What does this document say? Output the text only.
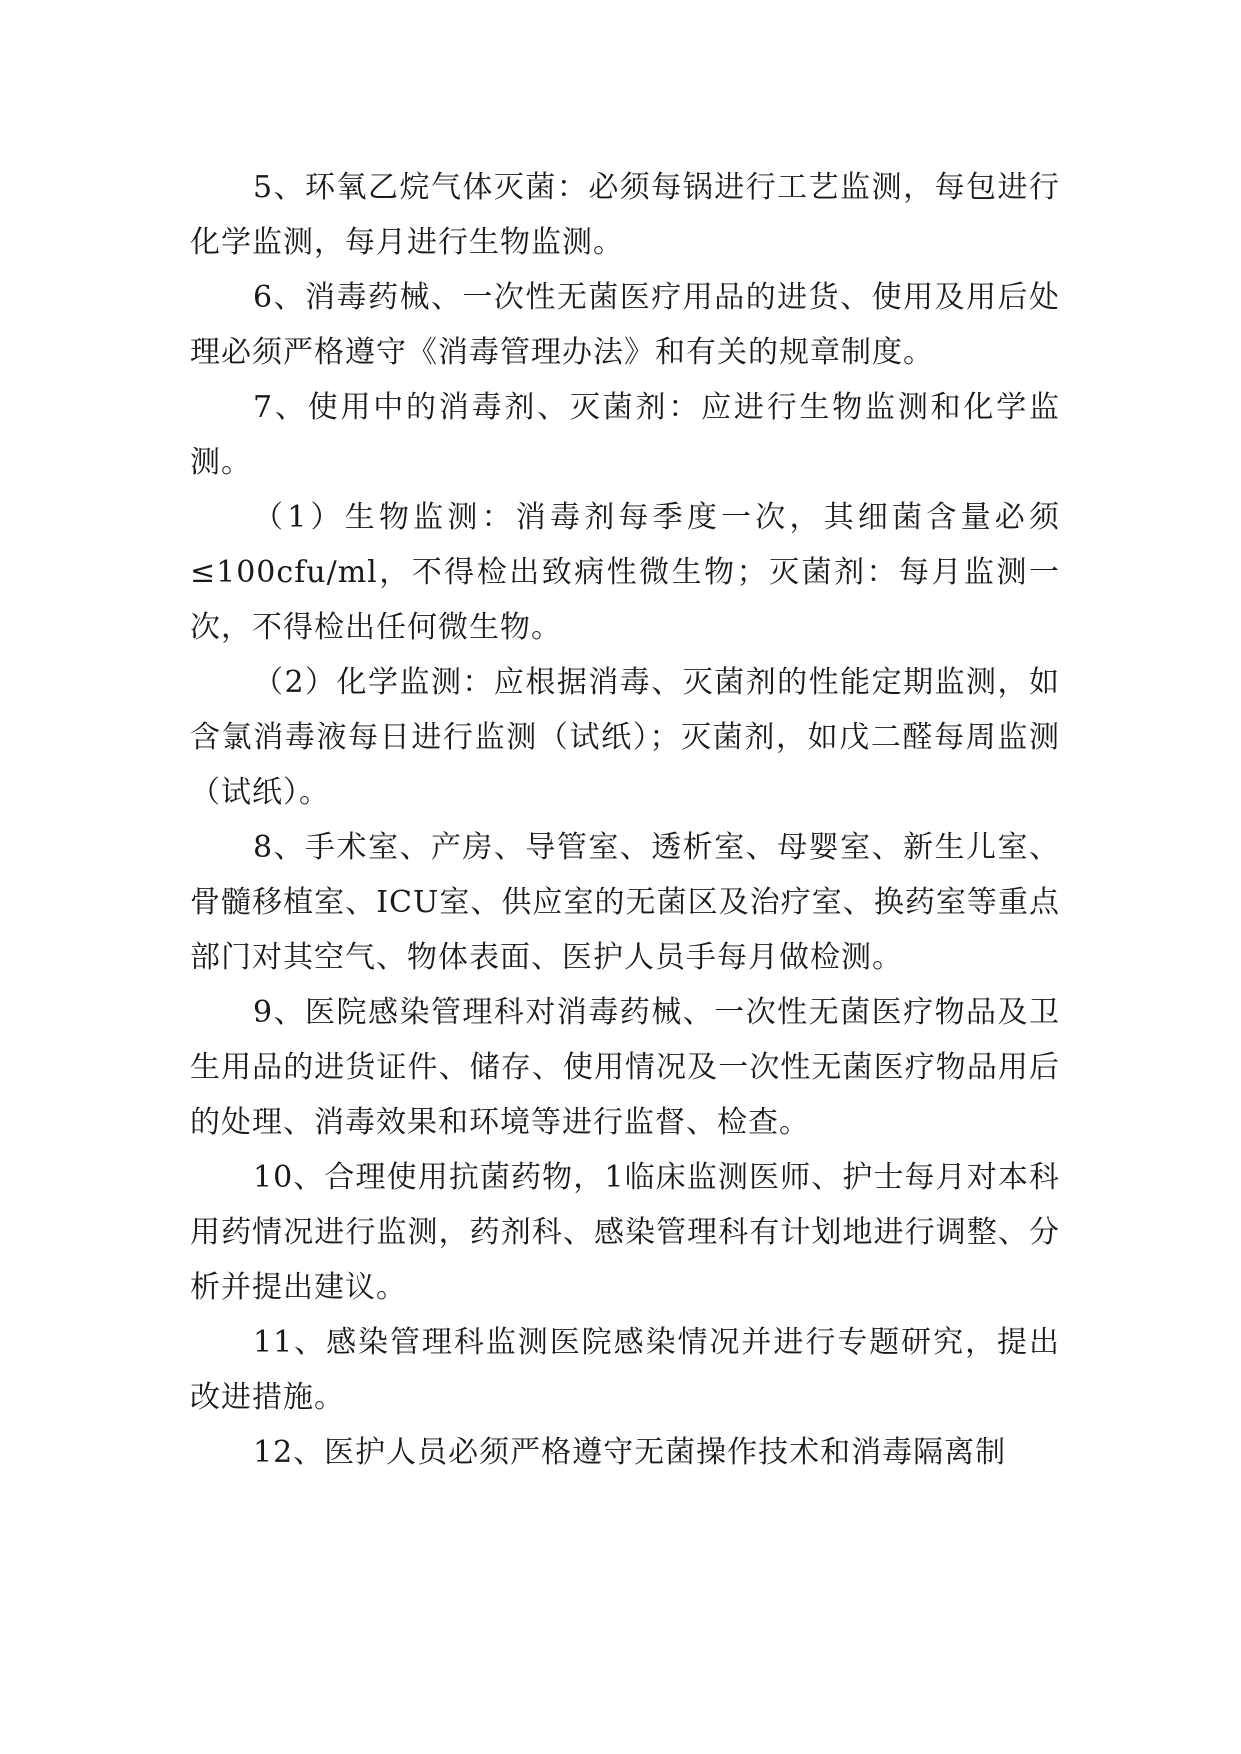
5、环氧乙烷气体灭菌：必须每锅进行工艺监测，每包进行化学监测，每月进行生物监测。

6、消毒药械、一次性无菌医疗用品的进货、使用及用后处理必须严格遵守《消毒管理办法》和有关的规章制度。

7、使用中的消毒剂、灭菌剂：应进行生物监测和化学监测。

（1）生物监测：消毒剂每季度一次，其细菌含量必须≤100cfu/ml，不得检出致病性微生物；灭菌剂：每月监测一次，不得检出任何微生物。

（2）化学监测：应根据消毒、灭菌剂的性能定期监测，如含氯消毒液每日进行监测（试纸）；灭菌剂，如戊二醛每周监测（试纸）。

8、手术室、产房、导管室、透析室、母婴室、新生儿室、骨髓移植室、ICU室、供应室的无菌区及治疗室、换药室等重点部门对其空气、物体表面、医护人员手每月做检测。

9、医院感染管理科对消毒药械、一次性无菌医疗物品及卫生用品的进货证件、储存、使用情况及一次性无菌医疗物品用后的处理、消毒效果和环境等进行监督、检查。

10、合理使用抗菌药物，1临床监测医师、护士每月对本科用药情况进行监测，药剂科、感染管理科有计划地进行调整、分析并提出建议。

11、感染管理科监测医院感染情况并进行专题研究，提出改进措施。

12、医护人员必须严格遵守无菌操作技术和消毒隔离制
